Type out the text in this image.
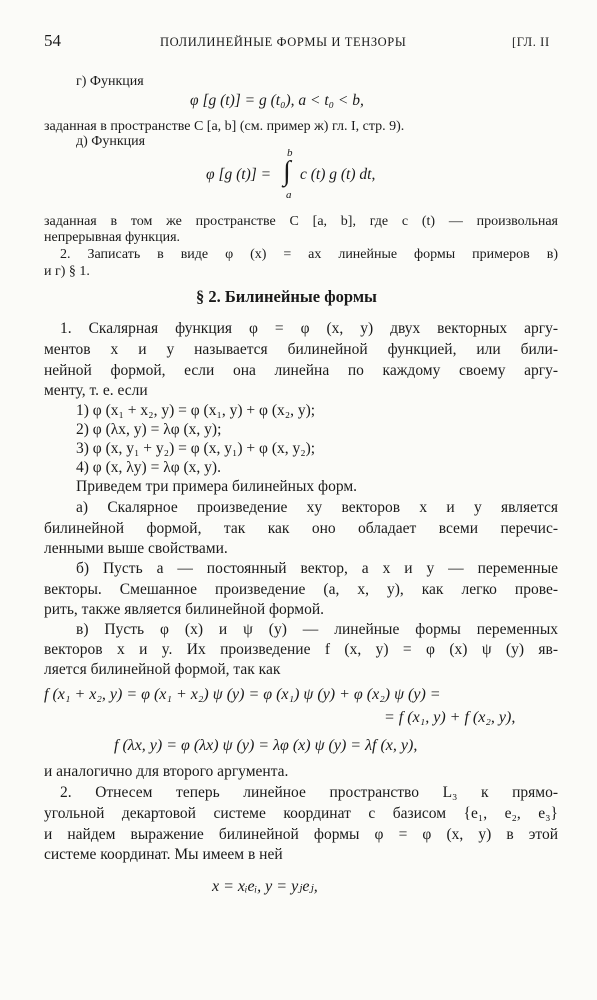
54	ПОЛИЛИНЕЙНЫЕ ФОРМЫ И ТЕНЗОРЫ	[ГЛ. II
г) Функция
φ [g (t)] = g (t₀), a < t₀ < b,
заданная в пространстве C [a, b] (см. пример ж) гл. I, стр. 9).
д) Функция
φ [g (t)] =
b
∫
a
c (t) g (t) dt,
заданная в том же пространстве C [a, b], где c (t) — произвольная
непрерывная функция.
2. Записать в виде φ (x) = ax линейные формы примеров в)
и г) § 1.
§ 2. Билинейные формы
1. Скалярная функция φ = φ (x, y) двух векторных аргу-
ментов x и y называется билинейной функцией, или били-
нейной формой, если она линейна по каждому своему аргу-
менту, т. е. если
1) φ (x₁ + x₂, y) = φ (x₁, y) + φ (x₂, y);
2) φ (λx, y) = λφ (x, y);
3) φ (x, y₁ + y₂) = φ (x, y₁) + φ (x, y₂);
4) φ (x, λy) = λφ (x, y).
Приведем три примера билинейных форм.
а) Скалярное произведение xy векторов x и y является
билинейной формой, так как оно обладает всеми перечис-
ленными выше свойствами.
б) Пусть a — постоянный вектор, а x и y — переменные
векторы. Смешанное произведение (a, x, y), как легко прове-
рить, также является билинейной формой.
в) Пусть φ (x) и ψ (y) — линейные формы переменных
векторов x и y. Их произведение f (x, y) = φ (x) ψ (y) яв-
ляется билинейной формой, так как
f (x₁ + x₂, y) = φ (x₁ + x₂) ψ (y) = φ (x₁) ψ (y) + φ (x₂) ψ (y) =
= f (x₁, y) + f (x₂, y),
f (λx, y) = φ (λx) ψ (y) = λφ (x) ψ (y) = λf (x, y),
и аналогично для второго аргумента.
2. Отнесем теперь линейное пространство L₃ к прямо-
угольной декартовой системе координат с базисом {e₁, e₂, e₃}
и найдем выражение билинейной формы φ = φ (x, y) в этой
системе координат. Мы имеем в ней
x = xᵢeᵢ, y = yⱼeⱼ,
